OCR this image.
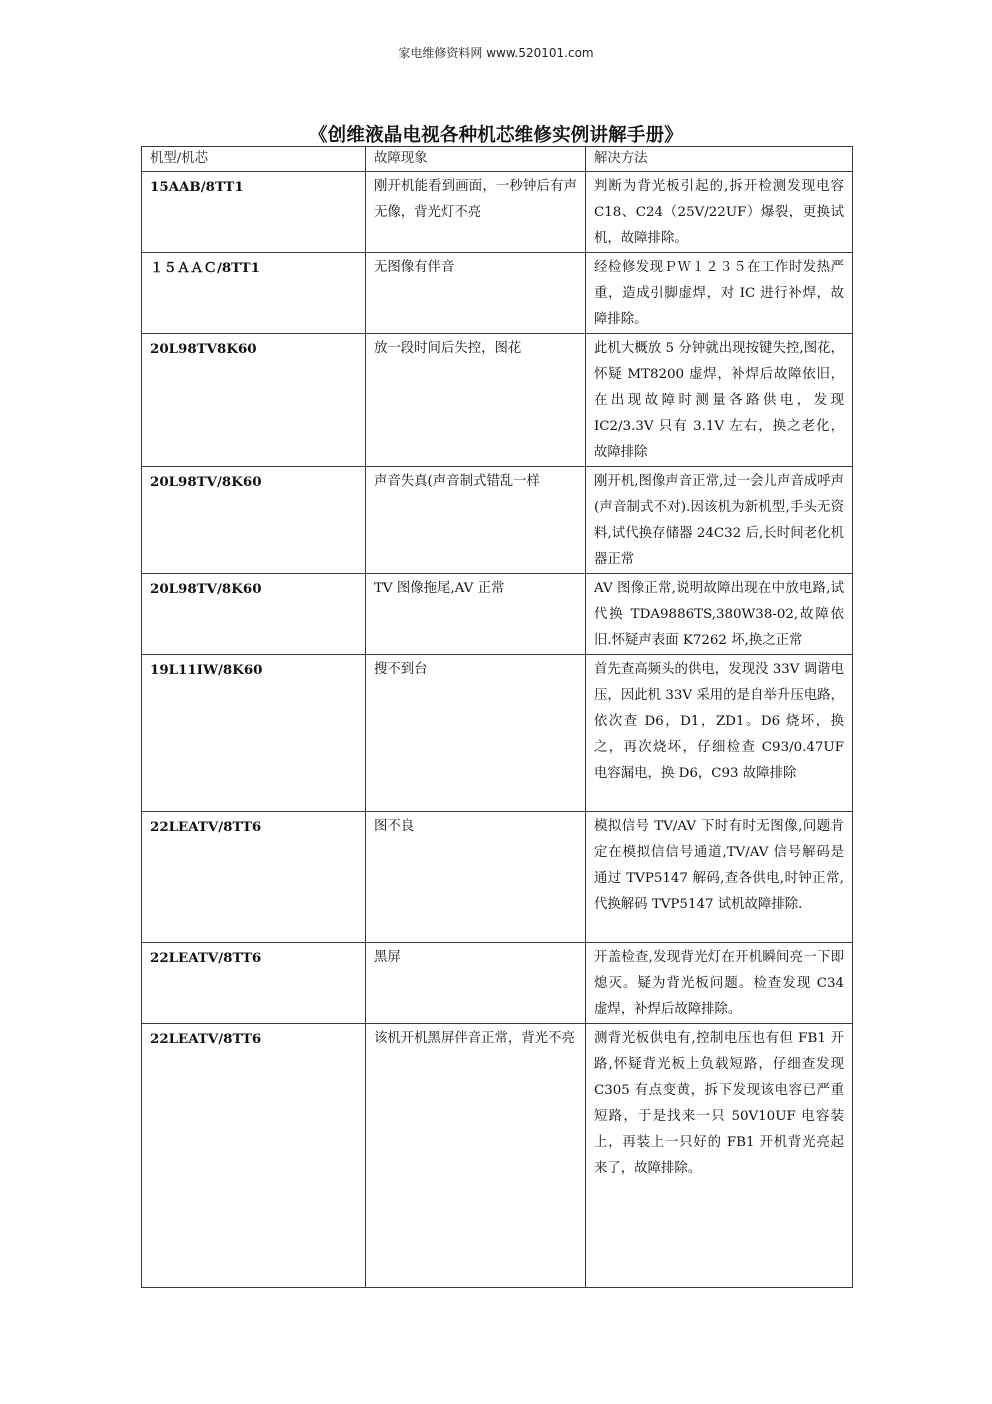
家电维修资料网 www.520101.com
《创维液晶电视各种机芯维修实例讲解手册》
机型/机芯	故障现象	解决方法
15AAB/8TT1	刚开机能看到画面，一秒钟后有声无像，背光灯不亮	判断为背光板引起的,拆开检测发现电容 C18、C24（25V/22UF）爆裂，更换试机，故障排除。
１５ＡＡＣ/8TT1	无图像有伴音	经检修发现ＰＷ１２３５在工作时发热严重，造成引脚虚焊，对 IC 进行补焊，故障排除。
20L98TV8K60	放一段时间后失控，图花	此机大概放 5 分钟就出现按键失控,图花，怀疑 MT8200 虚焊，补焊后故障依旧，在出现故障时测量各路供电，发现 IC2/3.3V 只有 3.1V 左右，换之老化，故障排除
20L98TV/8K60	声音失真(声音制式错乱一样	刚开机,图像声音正常,过一会儿声音成呼声(声音制式不对).因该机为新机型,手头无资料,试代换存储器 24C32 后,长时间老化机器正常
20L98TV/8K60	TV 图像拖尾,AV 正常	AV 图像正常,说明故障出现在中放电路,试代换 TDA9886TS,380W38-02,故障依旧.怀疑声表面 K7262 坏,换之正常
19L11IW/8K60	搜不到台	首先查高频头的供电，发现没 33V 调谐电压，因此机 33V 采用的是自举升压电路，依次查 D6，D1，ZD1。D6 烧坏，换之，再次烧坏，仔细检查 C93/0.47UF 电容漏电，换 D6，C93 故障排除
22LEATV/8TT6	图不良	模拟信号 TV/AV 下时有时无图像,问题肯定在模拟信信号通道,TV/AV 信号解码是通过 TVP5147 解码,查各供电,时钟正常,代换解码 TVP5147 试机故障排除.
22LEATV/8TT6	黑屏	开盖检查,发现背光灯在开机瞬间亮一下即熄灭。疑为背光板问题。检查发现 C34 虚焊，补焊后故障排除。
22LEATV/8TT6	该机开机黑屏伴音正常，背光不亮	测背光板供电有,控制电压也有但 FB1 开路,怀疑背光板上负载短路，仔细查发现 C305 有点变黄，拆下发现该电容已严重短路，于是找来一只 50V10UF 电容装上，再装上一只好的 FB1 开机背光亮起来了，故障排除。
